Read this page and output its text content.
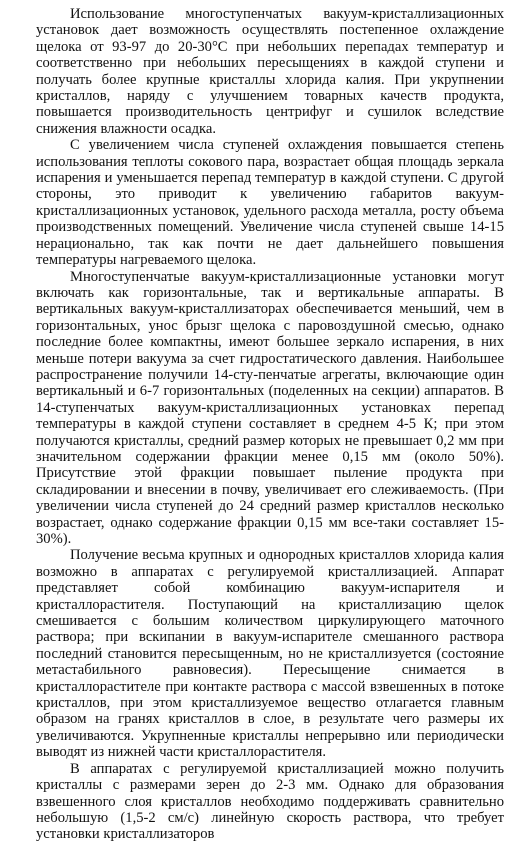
Использование многоступенчатых вакуум-кристаллизационных установок дает возможность осуществлять постепенное охлаждение щелока от 93-97 до 20-30°С при небольших перепадах температур и соответственно при небольших пересыщениях в каждой ступени и получать более крупные кристаллы хлорида калия. При укрупнении кристаллов, наряду с улучшением товарных качеств продукта, повышается производительность центрифуг и сушилок вследствие снижения влажности осадка.

С увеличением числа ступеней охлаждения повышается степень использования теплоты сокового пара, возрастает общая площадь зеркала испарения и уменьшается перепад температур в каждой ступени. С другой стороны, это приводит к увеличению габаритов вакуум-кристаллизационных установок, удельного расхода металла, росту объема производственных помещений. Увеличение числа ступеней свыше 14-15 нерационально, так как почти не дает дальнейшего повышения температуры нагреваемого щелока.

Многоступенчатые вакуум-кристаллизационные установки могут включать как горизонтальные, так и вертикальные аппараты. В вертикальных вакуум-кристаллизаторах обеспечивается меньший, чем в горизонтальных, унос брызг щелока с паровоздушной смесью, однако последние более компактны, имеют большее зеркало испарения, в них меньше потери вакуума за счет гидростатического давления. Наибольшее распространение получили 14-сту-пенчатые агрегаты, включающие один вертикальный и 6-7 горизонтальных (поделенных на секции) аппаратов. В 14-ступенчатых вакуум-кристаллизационных установках перепад температуры в каждой ступени составляет в среднем 4-5 К; при этом получаются кристаллы, средний размер которых не превышает 0,2 мм при значительном содержании фракции менее 0,15 мм (около 50%). Присутствие этой фракции повышает пыление продукта при складировании и внесении в почву, увеличивает его слеживаемость. (При увеличении числа ступеней до 24 средний размер кристаллов несколько возрастает, однако содержание фракции 0,15 мм все-таки составляет 15-30%).

Получение весьма крупных и однородных кристаллов хлорида калия возможно в аппаратах с регулируемой кристаллизацией. Аппарат представляет собой комбинацию вакуум-испарителя и кристаллорастителя. Поступающий на кристаллизацию щелок смешивается с большим количеством циркулирующего маточного раствора; при вскипании в вакуум-испарителе смешанного раствора последний становится пересыщенным, но не кристаллизуется (состояние метастабильного равновесия). Пересыщение снимается в кристаллорастителе при контакте раствора с массой взвешенных в потоке кристаллов, при этом кристаллизуемое вещество отлагается главным образом на гранях кристаллов в слое, в результате чего размеры их увеличиваются. Укрупненные кристаллы непрерывно или периодически выводят из нижней части кристаллорастителя.

В аппаратах с регулируемой кристаллизацией можно получить кристаллы с размерами зерен до 2-3 мм. Однако для образования взвешенного слоя кристаллов необходимо поддерживать сравнительно небольшую (1,5-2 см/с) линейную скорость раствора, что требует установки кристаллизаторов
